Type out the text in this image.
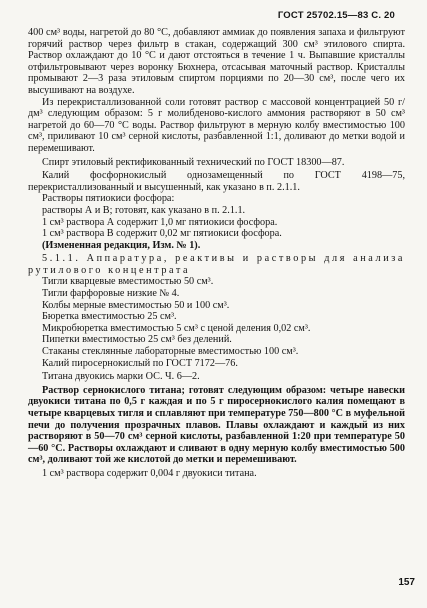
ГОСТ 25702.15—83 С. 20

400 см³ воды, нагретой до 80 °С, добавляют аммиак до появления запаха и фильтруют горячий раствор через фильтр в стакан, содержащий 300 см³ этилового спирта. Раствор охлаждают до 10 °С и дают отстояться в течение 1 ч. Выпавшие кристаллы отфильтровывают через воронку Бюхнера, отсасывая маточный раствор. Кристаллы промывают 2—3 раза этиловым спиртом порциями по 20—30 см³, после чего их высушивают на воздухе.

Из перекристаллизованной соли готовят раствор с массовой концентрацией 50 г/дм³ следующим образом: 5 г молибденово-кислого аммония растворяют в 50 см³ нагретой до 60—70 °С воды. Раствор фильтруют в мерную колбу вместимостью 100 см³, приливают 10 см³ серной кислоты, разбавленной 1:1, доливают до метки водой и перемешивают.

Спирт этиловый ректификованный технический по ГОСТ 18300—87.

Калий фосфорнокислый однозамещенный по ГОСТ 4198—75, перекристаллизованный и высушенный, как указано в п. 2.1.1.

Растворы пятиокиси фосфора:

растворы А и В; готовят, как указано в п. 2.1.1.

1 см³ раствора А содержит 1,0 мг пятиокиси фосфора.

1 см³ раствора В содержит 0,02 мг пятиокиси фосфора.

(Измененная редакция, Изм. № 1).

5.1.1. Аппаратура, реактивы и растворы для анализа рутилового концентрата

Тигли кварцевые вместимостью 50 см³.

Тигли фарфоровые низкие № 4.

Колбы мерные вместимостью 50 и 100 см³.

Бюретка вместимостью 25 см³.

Микробюретка вместимостью 5 см³ с ценой деления 0,02 см³.

Пипетки вместимостью 25 см³ без делений.

Стаканы стеклянные лабораторные вместимостью 100 см³.

Калий пиросернокислый по ГОСТ 7172—76.

Титана двуокись марки ОС. Ч. 6—2.

Раствор сернокислого титана; готовят следующим образом: четыре навески двуокиси титана по 0,5 г каждая и по 5 г пиросернокислого калия помещают в четыре кварцевых тигля и сплавляют при температуре 750—800 °С в муфельной печи до получения прозрачных плавов. Плавы охлаждают и каждый из них растворяют в 50—70 см³ серной кислоты, разбавленной 1:20 при температуре 50—60 °С. Растворы охлаждают и сливают в одну мерную колбу вместимостью 500 см³, доливают той же кислотой до метки и перемешивают.

1 см³ раствора содержит 0,004 г двуокиси титана.

157
